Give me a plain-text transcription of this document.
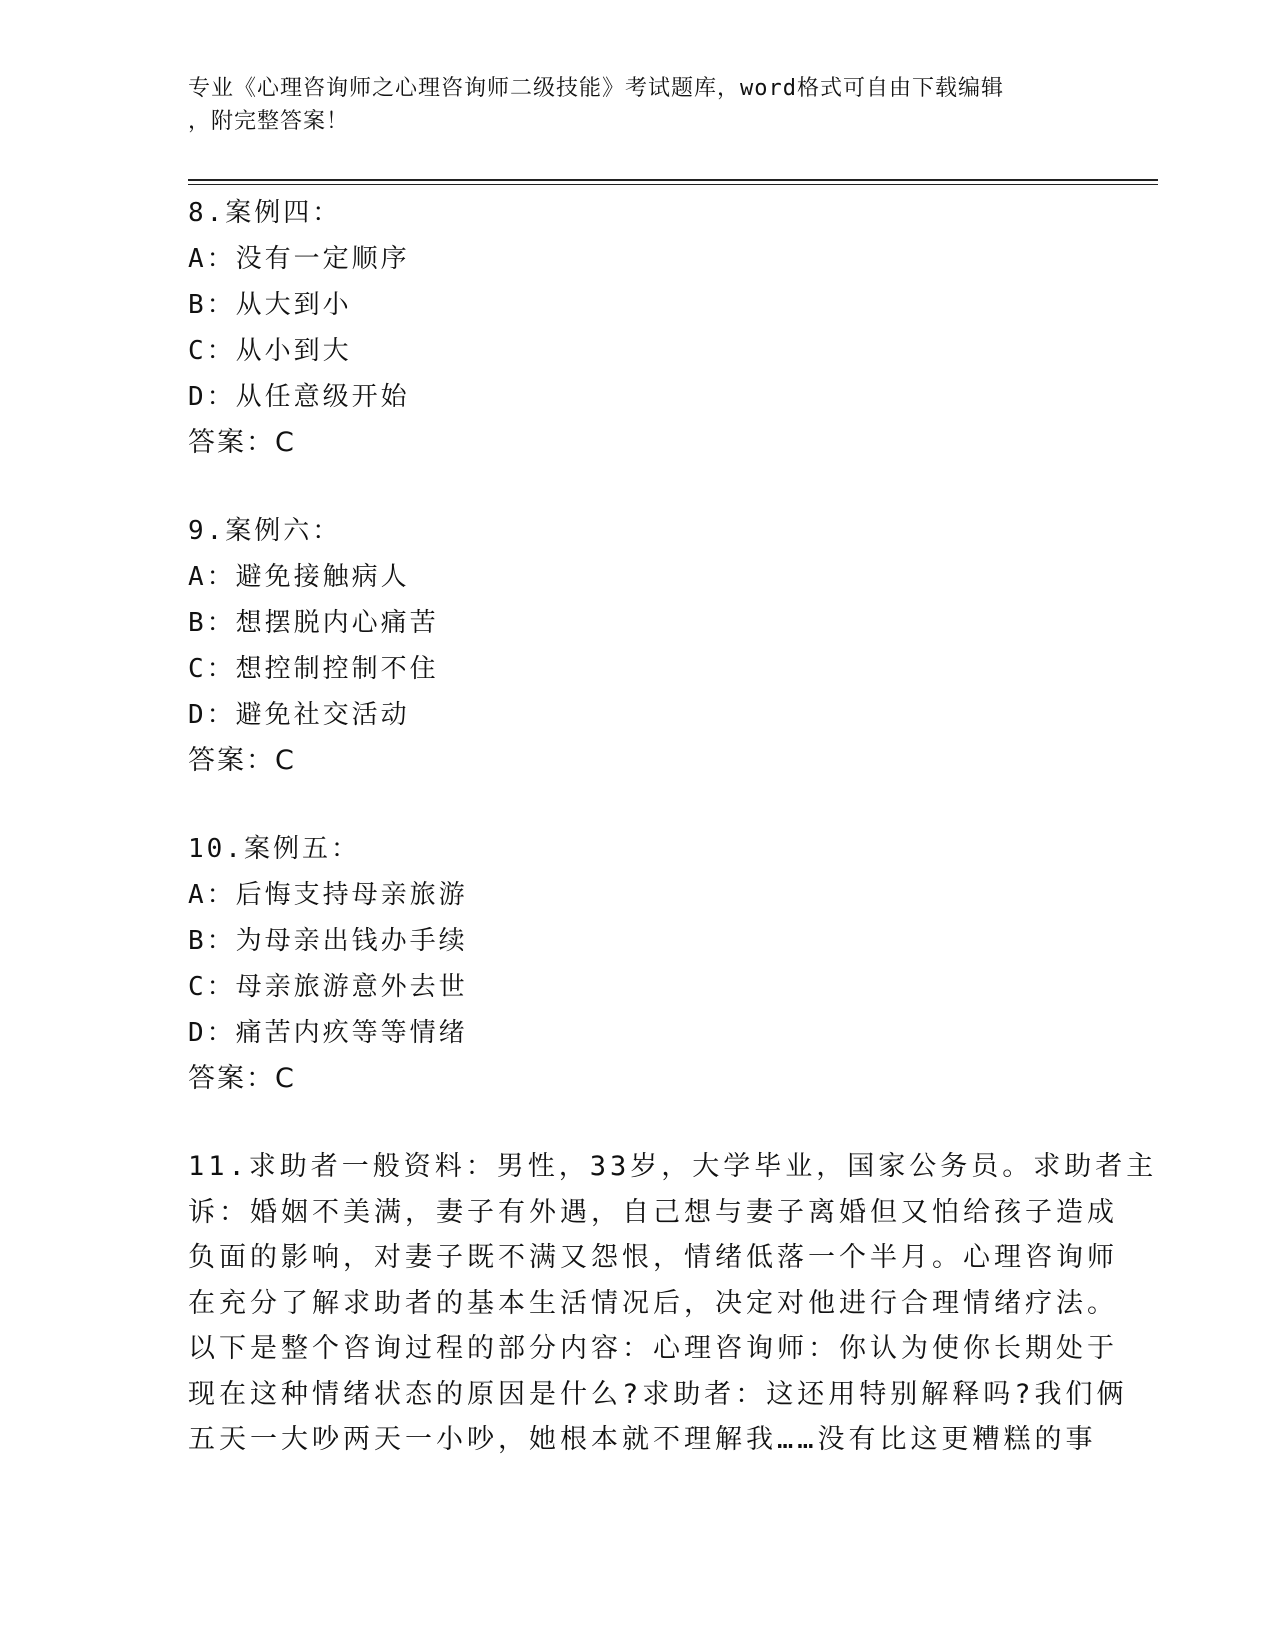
专业《心理咨询师之心理咨询师二级技能》考试题库，word格式可自由下载编辑
，附完整答案！
8.案例四：
A：没有一定顺序
B：从大到小
C：从小到大
D：从任意级开始
答案：C
9.案例六：
A：避免接触病人
B：想摆脱内心痛苦
C：想控制控制不住
D：避免社交活动
答案：C
10.案例五：
A：后悔支持母亲旅游
B：为母亲出钱办手续
C：母亲旅游意外去世
D：痛苦内疚等等情绪
答案：C
11.求助者一般资料：男性，33岁，大学毕业，国家公务员。求助者主
诉：婚姻不美满，妻子有外遇，自己想与妻子离婚但又怕给孩子造成
负面的影响，对妻子既不满又怨恨，情绪低落一个半月。心理咨询师
在充分了解求助者的基本生活情况后，决定对他进行合理情绪疗法。
以下是整个咨询过程的部分内容：心理咨询师：你认为使你长期处于
现在这种情绪状态的原因是什么?求助者：这还用特别解释吗?我们俩
五天一大吵两天一小吵，她根本就不理解我……没有比这更糟糕的事
